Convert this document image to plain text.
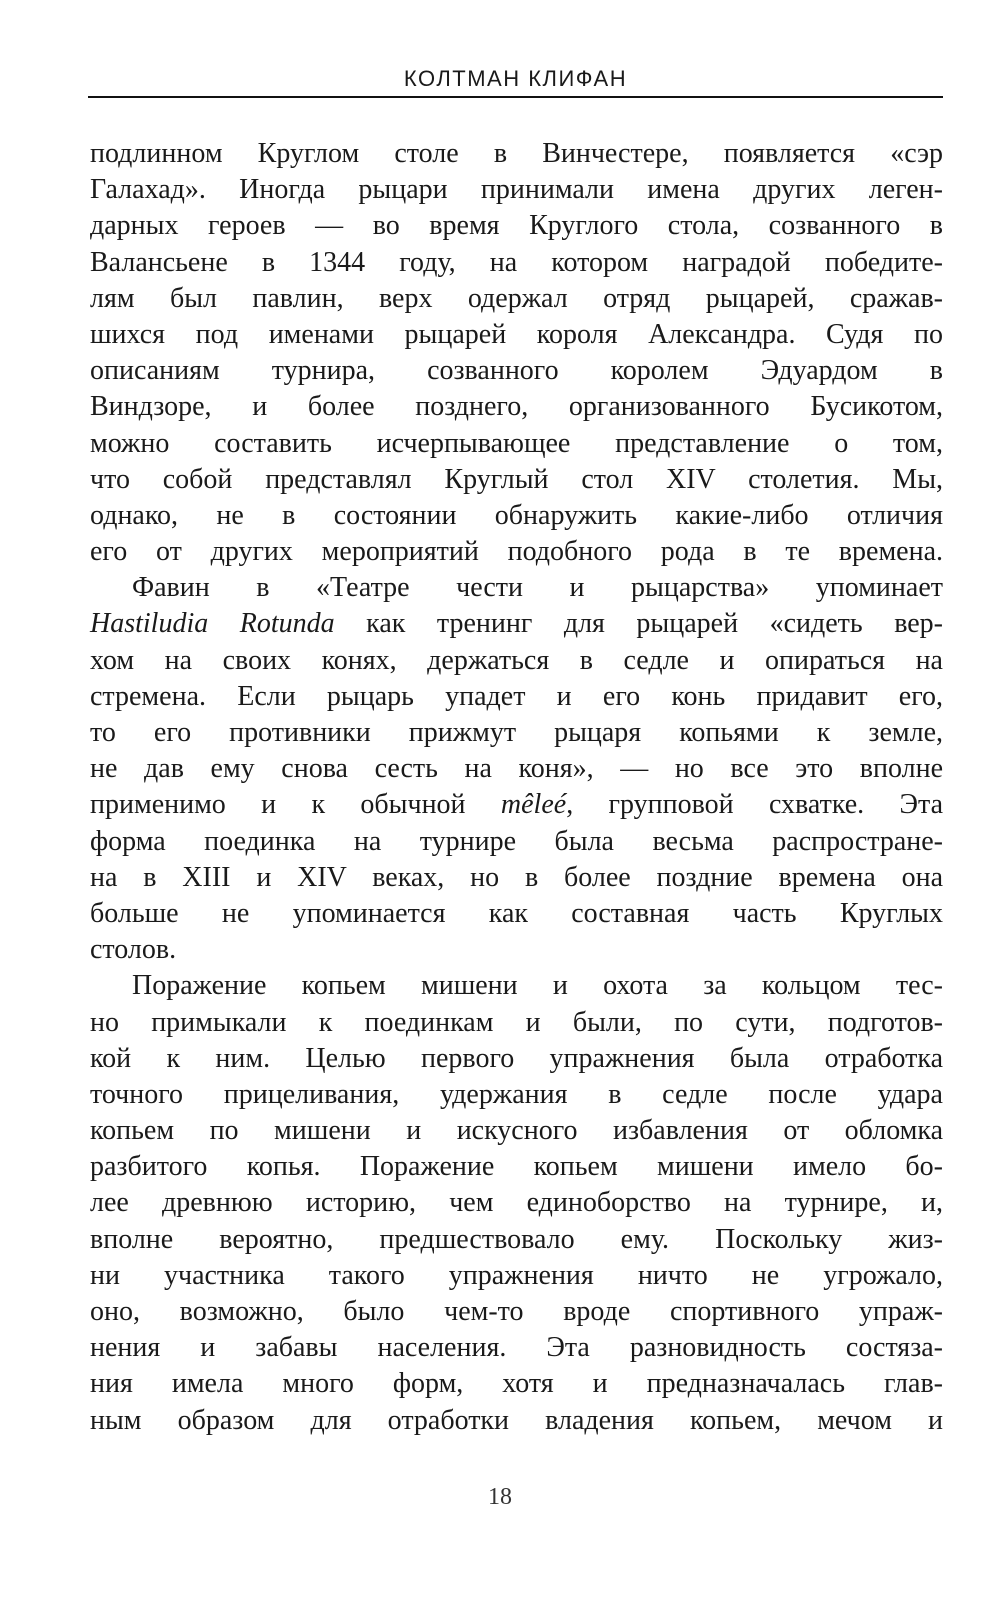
КОЛТМАН КЛИФАН
подлинном Круглом столе в Винчестере, появляется «сэр
Галахад». Иногда рыцари принимали имена других леген-
дарных героев — во время Круглого стола, созванного в
Валансьене в 1344 году, на котором наградой победите-
лям был павлин, верх одержал отряд рыцарей, сражав-
шихся под именами рыцарей короля Александра. Судя по
описаниям турнира, созванного королем Эдуардом в
Виндзоре, и более позднего, организованного Бусикотом,
можно составить исчерпывающее представление о том,
что собой представлял Круглый стол XIV столетия. Мы,
однако, не в состоянии обнаружить какие-либо отличия
его от других мероприятий подобного рода в те времена.
Фавин в «Театре чести и рыцарства» упоминает
Hastiludia Rotunda как тренинг для рыцарей «сидеть вер-
хом на своих конях, держаться в седле и опираться на
стремена. Если рыцарь упадет и его конь придавит его,
то его противники прижмут рыцаря копьями к земле,
не дав ему снова сесть на коня», — но все это вполне
применимо и к обычной mêleé, групповой схватке. Эта
форма поединка на турнире была весьма распростране-
на в XIII и XIV веках, но в более поздние времена она
больше не упоминается как составная часть Круглых
столов.
Поражение копьем мишени и охота за кольцом тес-
но примыкали к поединкам и были, по сути, подготов-
кой к ним. Целью первого упражнения была отработка
точного прицеливания, удержания в седле после удара
копьем по мишени и искусного избавления от обломка
разбитого копья. Поражение копьем мишени имело бо-
лее древнюю историю, чем единоборство на турнире, и,
вполне вероятно, предшествовало ему. Поскольку жиз-
ни участника такого упражнения ничто не угрожало,
оно, возможно, было чем-то вроде спортивного упраж-
нения и забавы населения. Эта разновидность состяза-
ния имела много форм, хотя и предназначалась глав-
ным образом для отработки владения копьем, мечом и
18
